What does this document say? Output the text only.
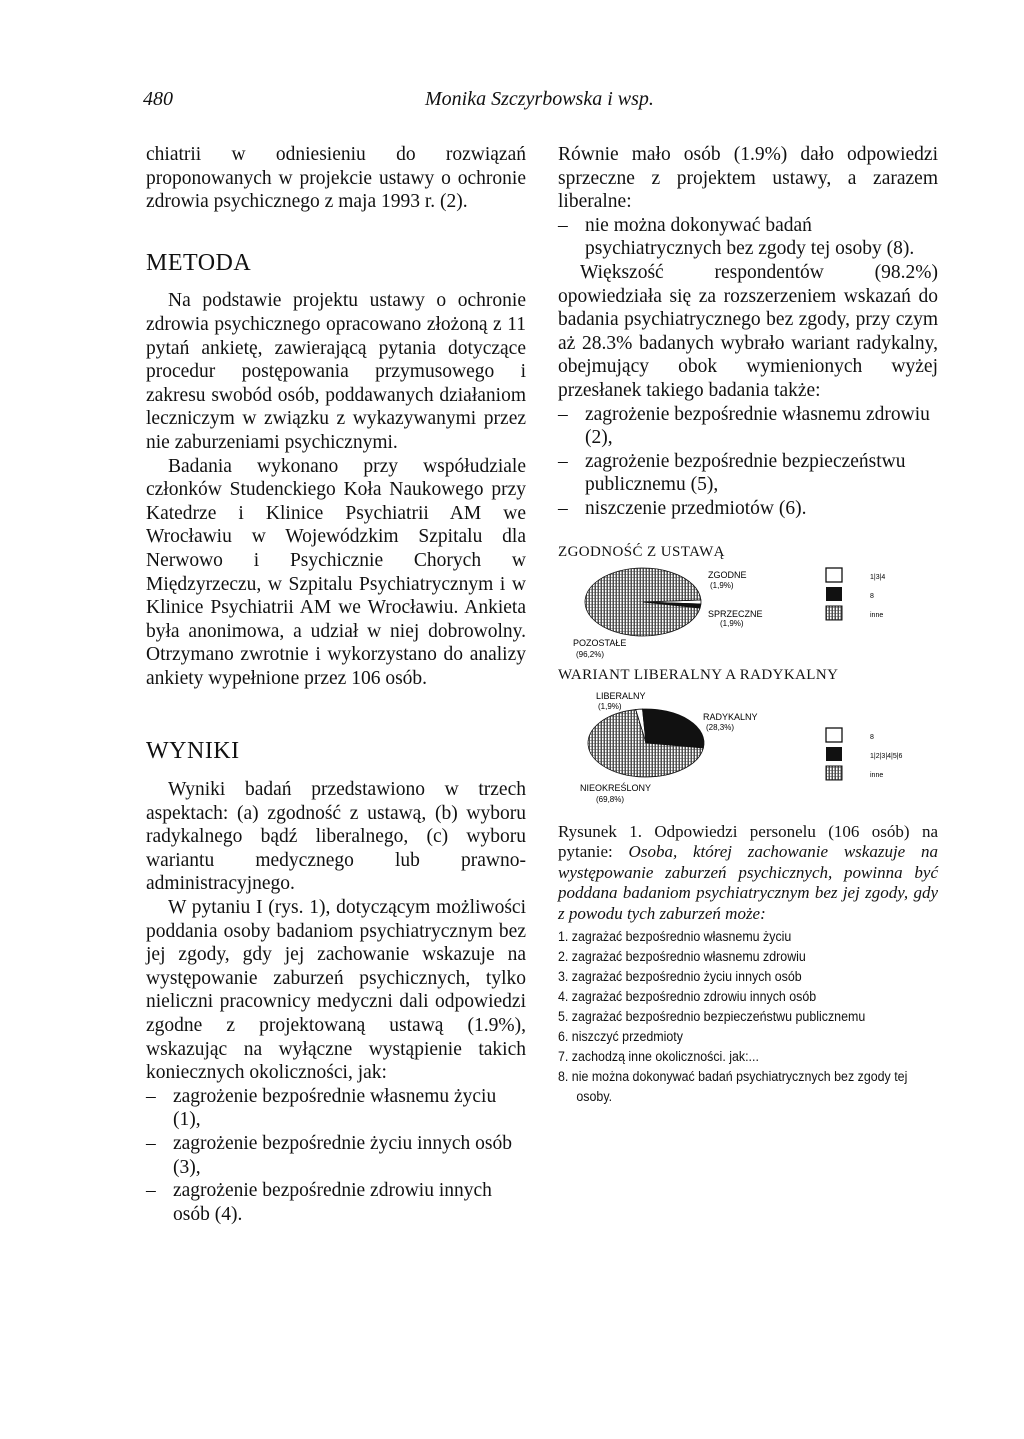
480	Monika Szczyrbowska i wsp.

chiatrii w odniesieniu do rozwiązań proponowanych w projekcie ustawy o ochronie zdrowia psychicznego z maja 1993 r. (2).

METODA

Na podstawie projektu ustawy o ochronie zdrowia psychicznego opracowano złożoną z 11 pytań ankietę, zawierającą pytania dotyczące procedur postępowania przymusowego i zakresu swobód osób, poddawanych działaniom leczniczym w związku z wykazywanymi przez nie zaburzeniami psychicznymi.

Badania wykonano przy współudziale członków Studenckiego Koła Naukowego przy Katedrze i Klinice Psychiatrii AM we Wrocławiu w Wojewódzkim Szpitalu dla Nerwowo i Psychicznie Chorych w Międzyrzeczu, w Szpitalu Psychiatrycznym i w Klinice Psychiatrii AM we Wrocławiu. Ankieta była anonimowa, a udział w niej dobrowolny. Otrzymano zwrotnie i wykorzystano do analizy ankiety wypełnione przez 106 osób.

WYNIKI

Wyniki badań przedstawiono w trzech aspektach: (a) zgodność z ustawą, (b) wyboru radykalnego bądź liberalnego, (c) wyboru wariantu medycznego lub prawno-administracyjnego.

W pytaniu I (rys. 1), dotyczącym możliwości poddania osoby badaniom psychiatrycznym bez jej zgody, gdy jej zachowanie wskazuje na występowanie zaburzeń psychicznych, tylko nieliczni pracownicy medyczni dali odpowiedzi zgodne z projektowaną ustawą (1.9%), wskazując na wyłączne wystąpienie takich koniecznych okoliczności, jak:

– zagrożenie bezpośrednie własnemu życiu (1),
– zagrożenie bezpośrednie życiu innych osób (3),
– zagrożenie bezpośrednie zdrowiu innych osób (4).

Równie mało osób (1.9%) dało odpowiedzi sprzeczne z projektem ustawy, a zarazem liberalne:

– nie można dokonywać badań psychiatrycznych bez zgody tej osoby (8).

Większość respondentów (98.2%) opowiedziała się za rozszerzeniem wskazań do badania psychiatrycznego bez zgody, przy czym aż 28.3% badanych wybrało wariant radykalny, obejmujący obok wymienionych wyżej przesłanek takiego badania także:

– zagrożenie bezpośrednie własnemu zdrowiu (2),
– zagrożenie bezpośrednie bezpieczeństwu publicznemu (5),
– niszczenie przedmiotów (6).

ZGODNOŚĆ Z USTAWĄ

1|3|4
8
inne
ZGODNE
(1,9%)
SPRZECZNE
(1,9%)
POZOSTAŁE
(96,2%)

WARIANT LIBERALNY A RADYKALNY

8
1|2|3|4|5|6
inne
LIBERALNY
(1,9%)
RADYKALNY
(28,3%)
NIEOKREŚLONY
(69,8%)
Rysunek 1. Odpowiedzi personelu (106 osób) na pytanie: Osoba, której zachowanie wskazuje na występowanie zaburzeń psychicznych, powinna być poddana badaniom psychiatrycznym bez jej zgody, gdy z powodu tych zaburzeń może:
1. zagrażać bezpośrednio własnemu życiu
2. zagrażać bezpośrednio własnemu zdrowiu
3. zagrażać bezpośrednio życiu innych osób
4. zagrażać bezpośrednio zdrowiu innych osób
5. zagrażać bezpośrednio bezpieczeństwu publicznemu
6. niszczyć przedmioty
7. zachodzą inne okoliczności. jak:...
8. nie można dokonywać badań psychiatrycznych bez zgody tej osoby.
